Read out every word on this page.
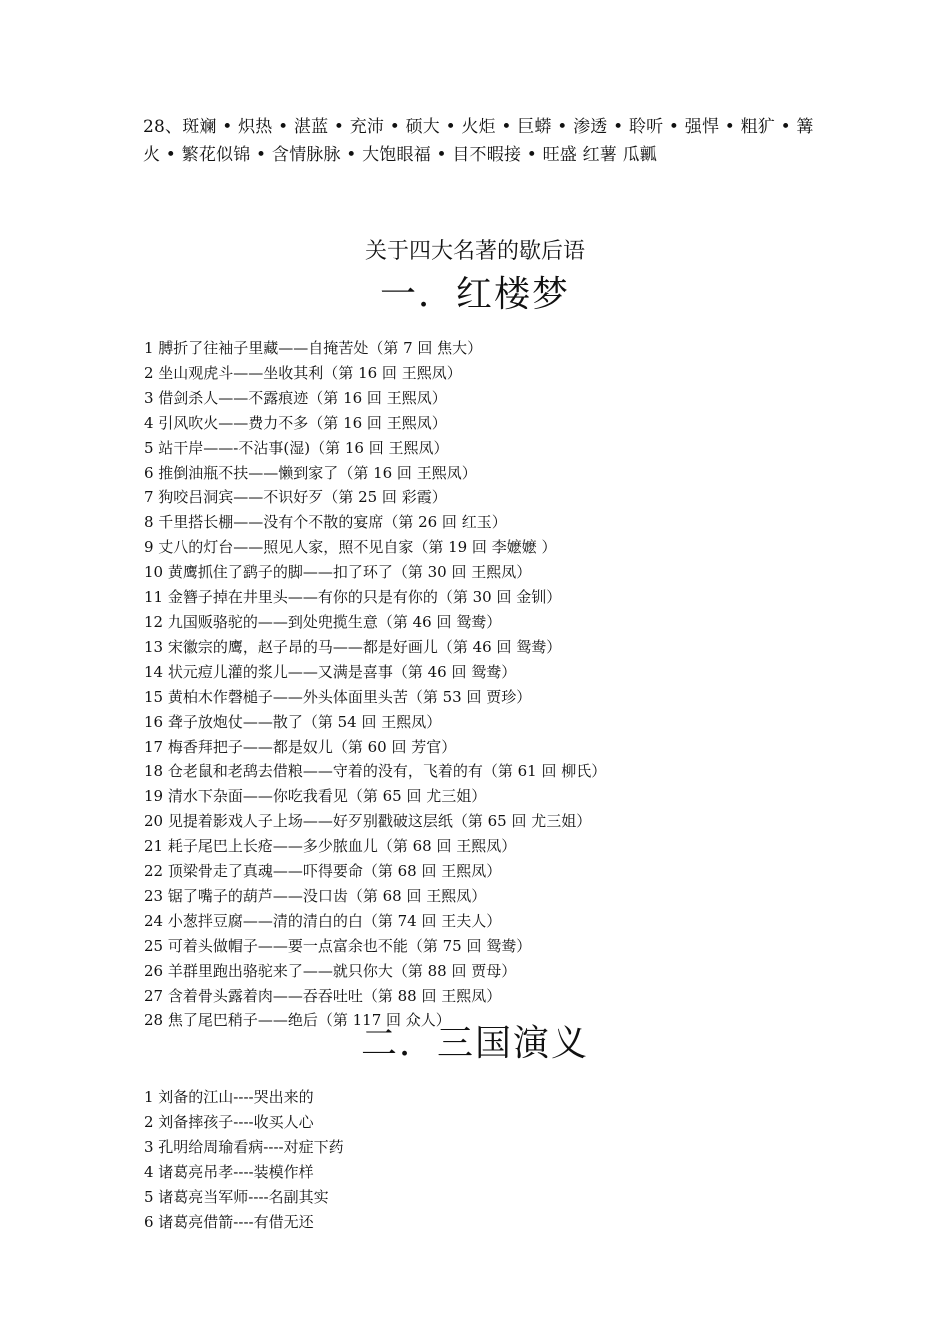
28、斑斓 • 炽热 • 湛蓝 • 充沛 • 硕大 • 火炬 • 巨蟒 • 渗透 • 聆听 • 强悍 • 粗犷 • 篝
火 • 繁花似锦 • 含情脉脉 • 大饱眼福 • 目不暇接 • 旺盛 红薯 瓜瓤
关于四大名著的歇后语
一．红楼梦
1 膊折了往袖子里藏——自掩苦处（第 7 回 焦大）
2 坐山观虎斗——坐收其利（第 16 回 王熙凤）
3 借剑杀人——不露痕迹（第 16 回 王熙凤）
4 引风吹火——费力不多（第 16 回 王熙凤）
5 站干岸——-不沾事(湿)（第 16 回 王熙凤）
6 推倒油瓶不扶——懒到家了（第 16 回 王熙凤）
7 狗咬吕洞宾——不识好歹（第 25 回 彩霞）
8 千里搭长棚——没有个不散的宴席（第 26 回 红玉）
9 丈八的灯台——照见人家，照不见自家（第 19 回 李嬷嬷 ）
10 黄鹰抓住了鹞子的脚——扣了环了（第 30 回 王熙凤）
11 金簪子掉在井里头——有你的只是有你的（第 30 回 金钏）
12 九国贩骆驼的——到处兜揽生意（第 46 回 鸳鸯）
13 宋徽宗的鹰，赵子昂的马——都是好画儿（第 46 回 鸳鸯）
14 状元痘儿灌的浆儿——又满是喜事（第 46 回 鸳鸯）
15 黄柏木作磬槌子——外头体面里头苦（第 53 回 贾珍）
16 聋子放炮仗——散了（第 54 回 王熙凤）
17 梅香拜把子——都是奴儿（第 60 回 芳官）
18 仓老鼠和老鸹去借粮——守着的没有，飞着的有（第 61 回 柳氏）
19 清水下杂面——你吃我看见（第 65 回 尤三姐）
20 见提着影戏人子上场——好歹别戳破这层纸（第 65 回 尤三姐）
21 耗子尾巴上长疮——多少脓血儿（第 68 回 王熙凤）
22 顶梁骨走了真魂——吓得要命（第 68 回 王熙凤）
23 锯了嘴子的葫芦——没口齿（第 68 回 王熙凤）
24 小葱拌豆腐——清的清白的白（第 74 回 王夫人）
25 可着头做帽子——要一点富余也不能（第 75 回 鸳鸯）
26 羊群里跑出骆驼来了——就只你大（第 88 回 贾母）
27 含着骨头露着肉——吞吞吐吐（第 88 回 王熙凤）
28 焦了尾巴稍子——绝后（第 117 回 众人）
二．三国演义
1 刘备的江山----哭出来的
2 刘备摔孩子----收买人心
3 孔明给周瑜看病----对症下药
4 诸葛亮吊孝----装模作样
5 诸葛亮当军师----名副其实
6 诸葛亮借箭----有借无还
